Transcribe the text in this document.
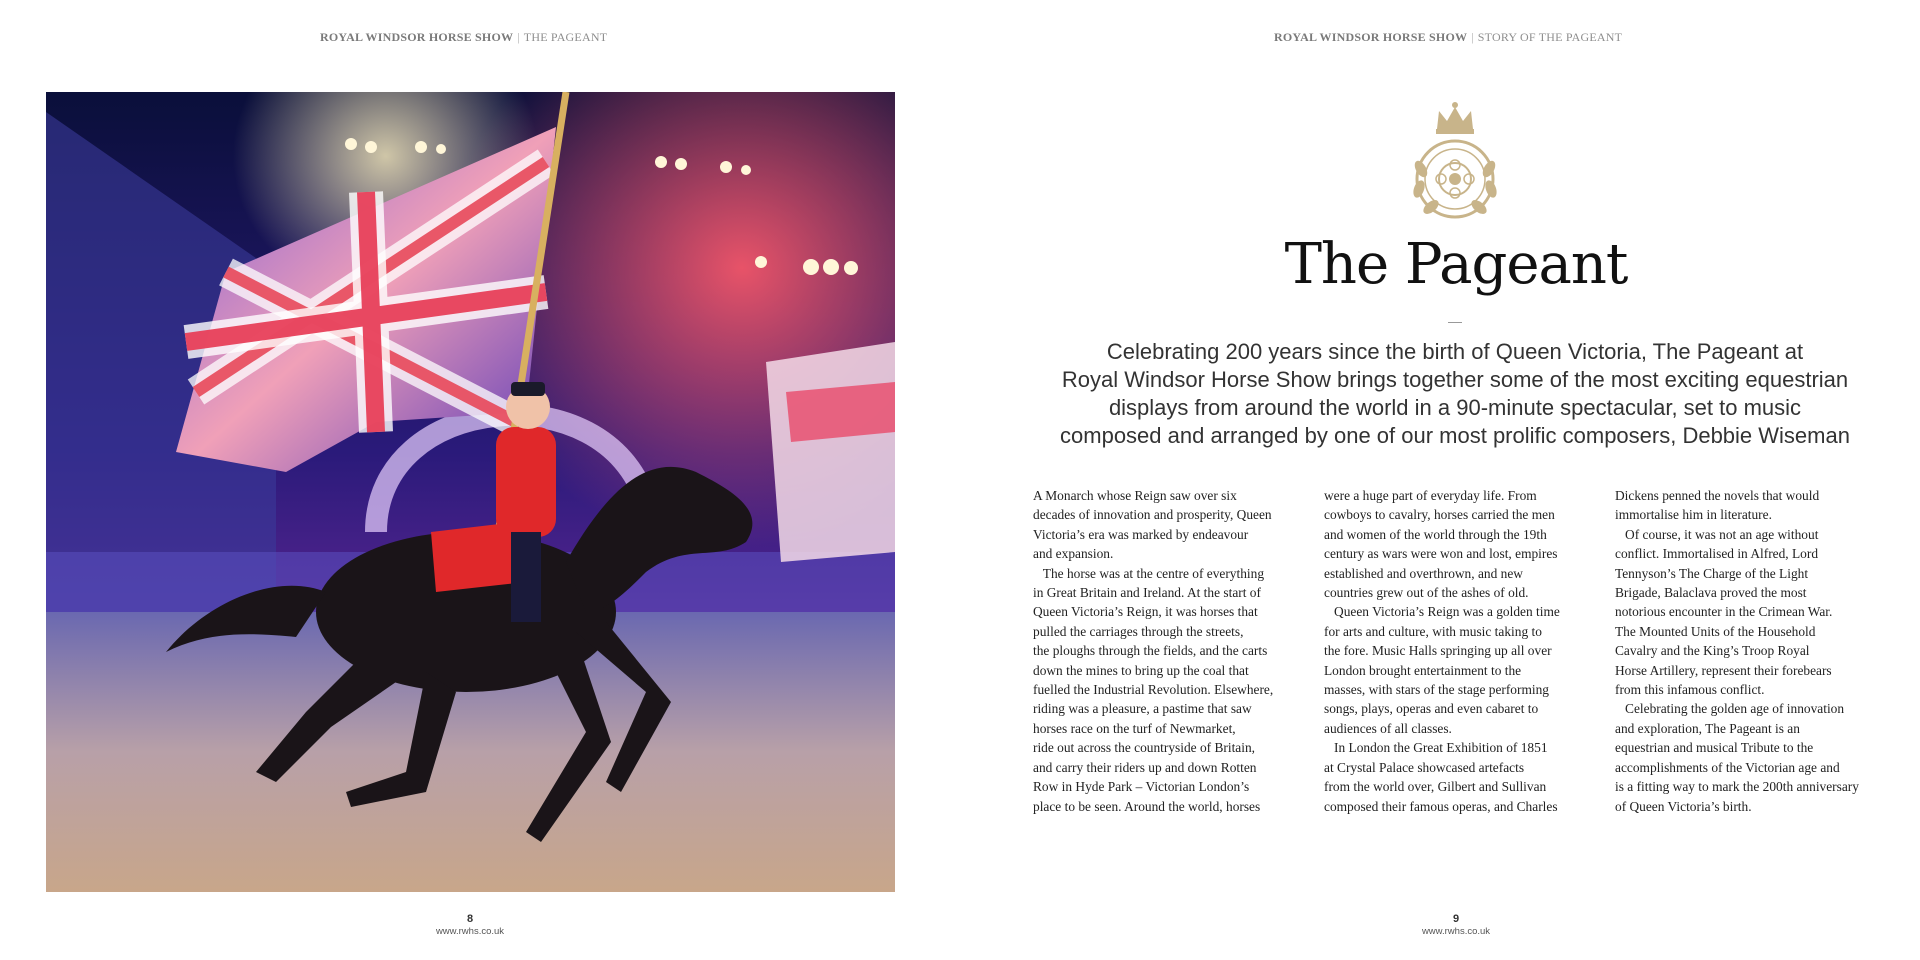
ROYAL WINDSOR HORSE SHOW | THE PAGEANT
8
www.rwhs.co.uk
ROYAL WINDSOR HORSE SHOW | STORY OF THE PAGEANT
The Pageant
Celebrating 200 years since the birth of Queen Victoria, The Pageant at
Royal Windsor Horse Show brings together some of the most exciting equestrian
displays from around the world in a 90-minute spectacular, set to music
composed and arranged by one of our most prolific composers, Debbie Wiseman
A Monarch whose Reign saw over six
decades of innovation and prosperity, Queen
Victoria’s era was marked by endeavour
and expansion.
The horse was at the centre of everything
in Great Britain and Ireland. At the start of
Queen Victoria’s Reign, it was horses that
pulled the carriages through the streets,
the ploughs through the fields, and the carts
down the mines to bring up the coal that
fuelled the Industrial Revolution. Elsewhere,
riding was a pleasure, a pastime that saw
horses race on the turf of Newmarket,
ride out across the countryside of Britain,
and carry their riders up and down Rotten
Row in Hyde Park – Victorian London’s
place to be seen. Around the world, horses
were a huge part of everyday life. From
cowboys to cavalry, horses carried the men
and women of the world through the 19th
century as wars were won and lost, empires
established and overthrown, and new
countries grew out of the ashes of old.
Queen Victoria’s Reign was a golden time
for arts and culture, with music taking to
the fore. Music Halls springing up all over
London brought entertainment to the
masses, with stars of the stage performing
songs, plays, operas and even cabaret to
audiences of all classes.
In London the Great Exhibition of 1851
at Crystal Palace showcased artefacts
from the world over, Gilbert and Sullivan
composed their famous operas, and Charles
Dickens penned the novels that would
immortalise him in literature.
Of course, it was not an age without
conflict. Immortalised in Alfred, Lord
Tennyson’s The Charge of the Light
Brigade, Balaclava proved the most
notorious encounter in the Crimean War.
The Mounted Units of the Household
Cavalry and the King’s Troop Royal
Horse Artillery, represent their forebears
from this infamous conflict.
Celebrating the golden age of innovation
and exploration, The Pageant is an
equestrian and musical Tribute to the
accomplishments of the Victorian age and
is a fitting way to mark the 200th anniversary
of Queen Victoria’s birth.
9
www.rwhs.co.uk
